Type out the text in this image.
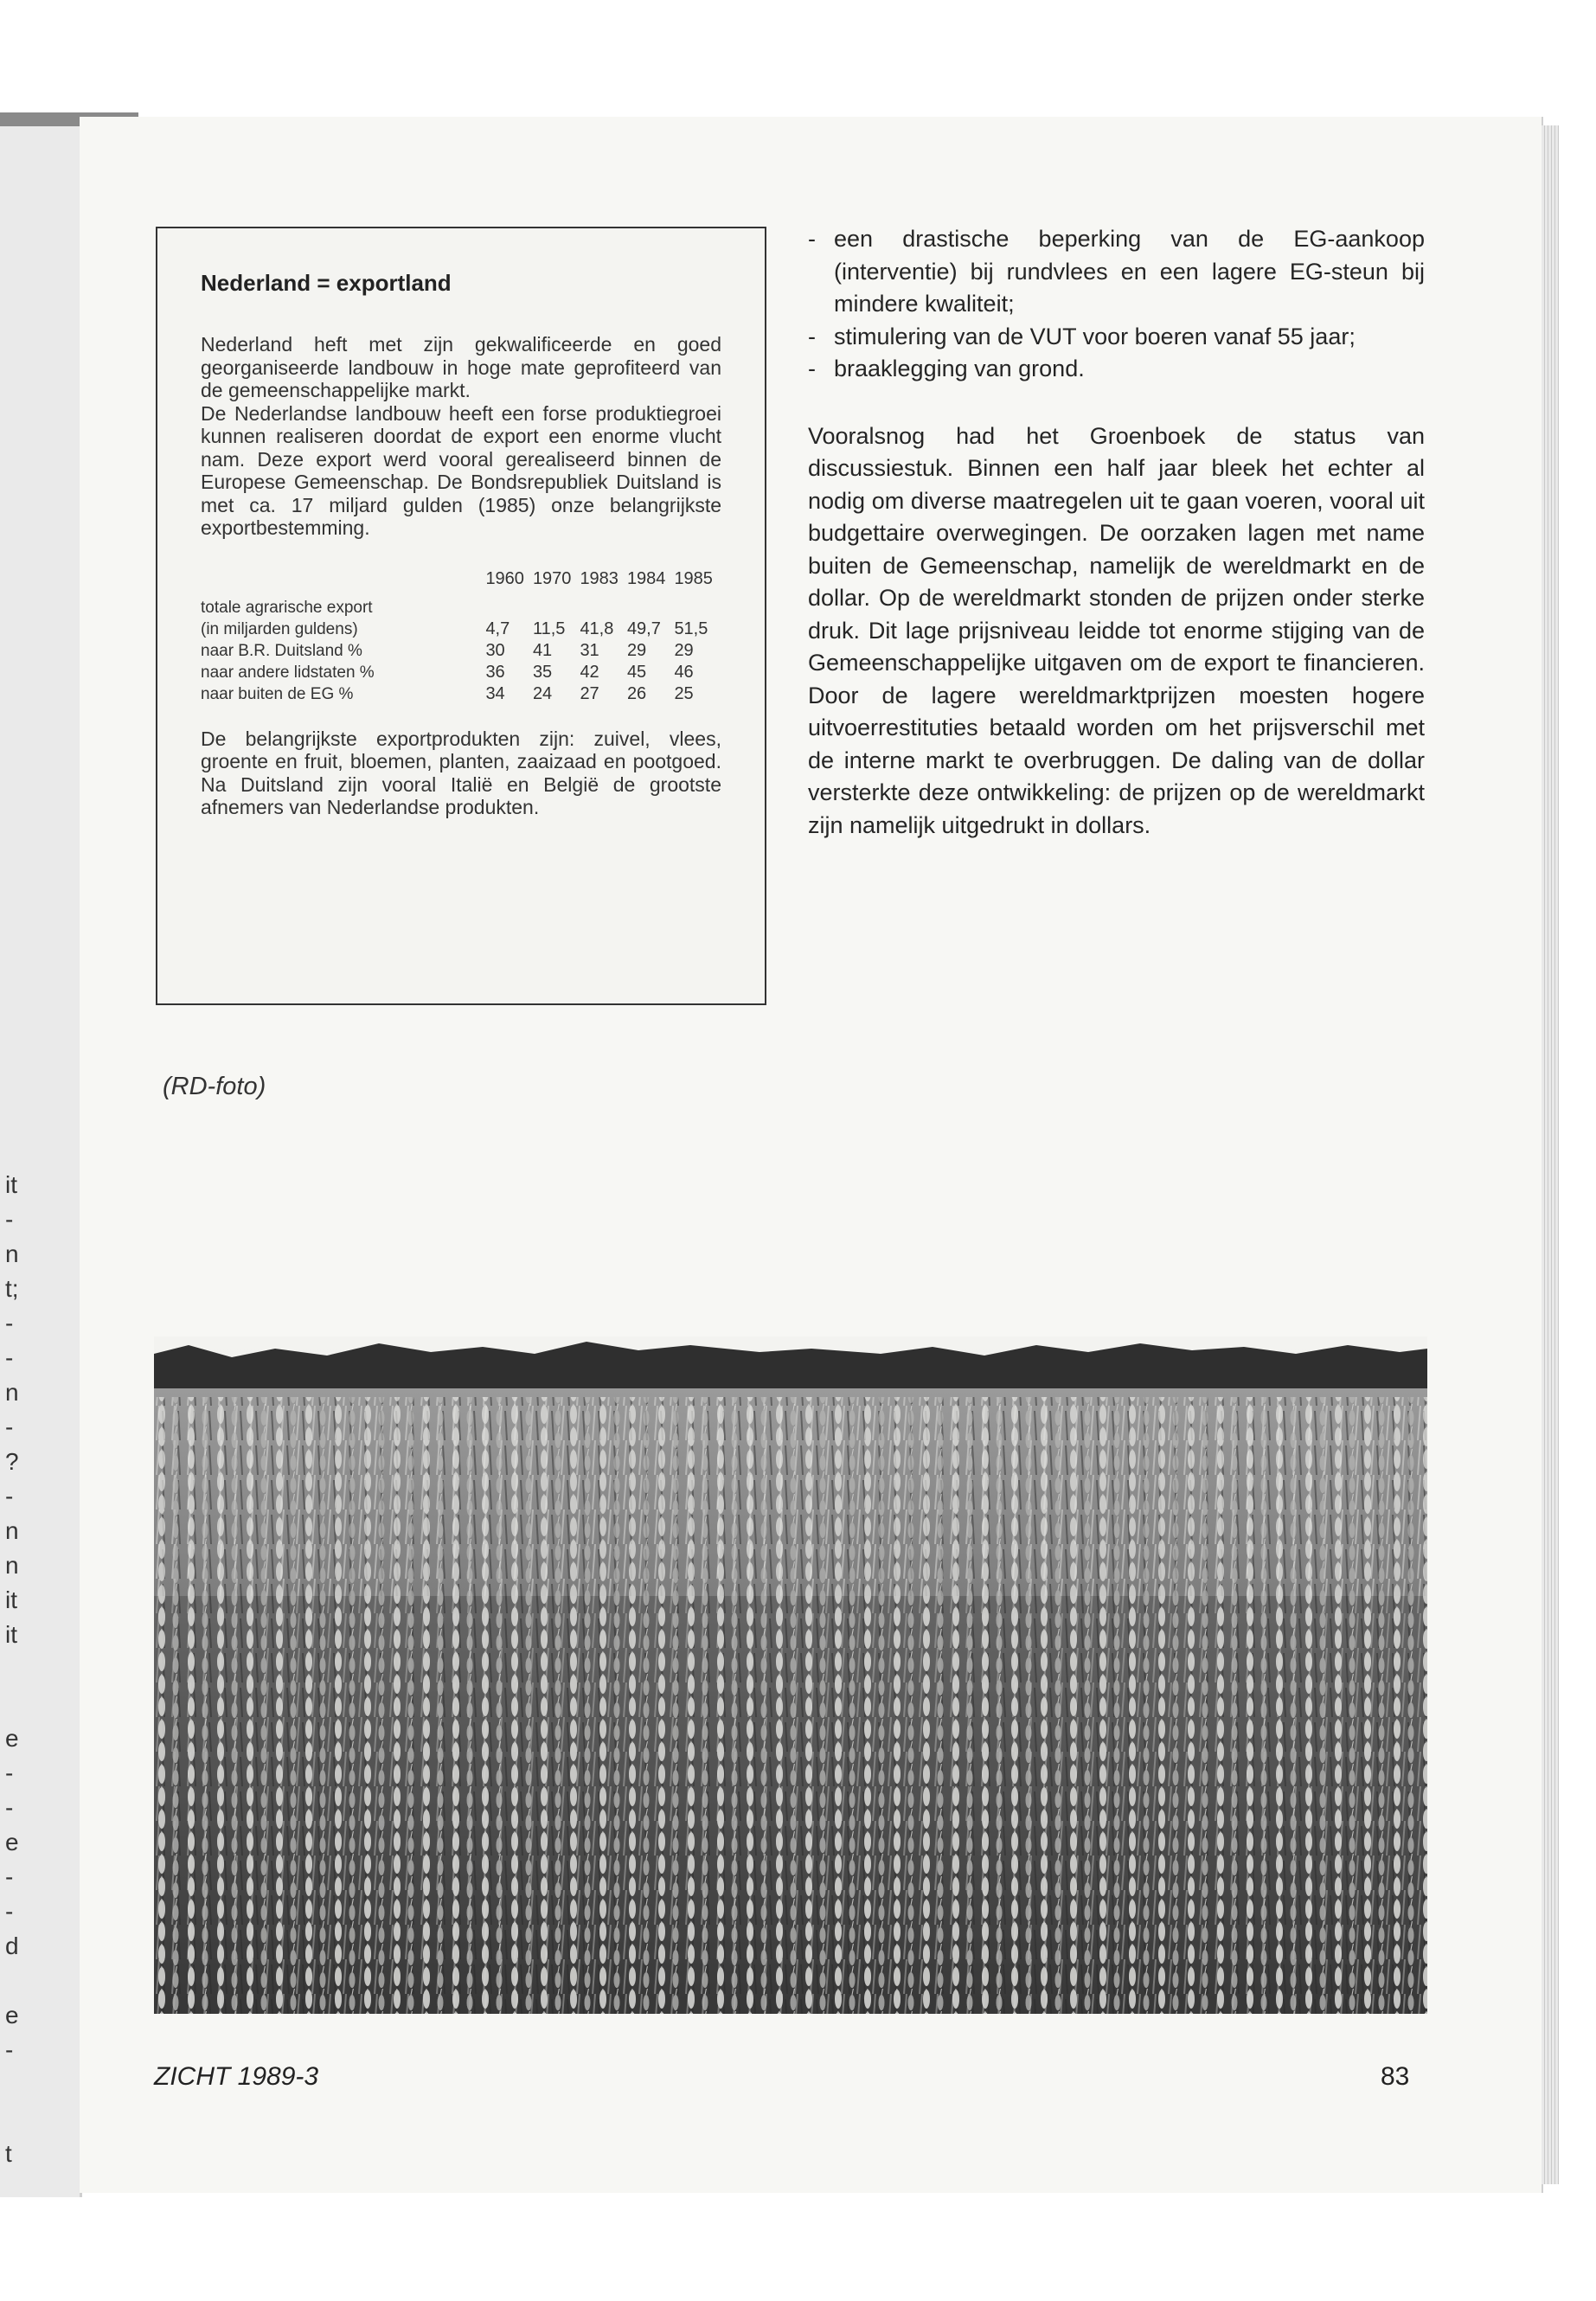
it
-
n
t;
-
-
n
-
?
-
n
n
it
it
e
-
-
e
-
-
d
e
-
t
Nederland = exportland

Nederland heft met zijn gekwalificeerde en goed georganiseerde landbouw in hoge mate geprofiteerd van de gemeenschappelijke markt.

De Nederlandse landbouw heeft een forse produktiegroei kunnen realiseren doordat de export een enorme vlucht nam. Deze export werd vooral gerealiseerd binnen de Europese Gemeenschap. De Bondsrepubliek Duitsland is met ca. 17 miljard gulden (1985) onze belangrijkste exportbestemming.

	1960	1970	1983	1984	1985
totale agrarische export					
(in miljarden guldens)	4,7	11,5	41,8	49,7	51,5
naar B.R. Duitsland %	30	41	31	29	29
naar andere lidstaten %	36	35	42	45	46
naar buiten de EG %	34	24	27	26	25

De belangrijkste exportprodukten zijn: zuivel, vlees, groente en fruit, bloemen, planten, zaaizaad en pootgoed. Na Duitsland zijn vooral Italië en België de grootste afnemers van Nederlandse produkten.

- een drastische beperking van de EG-aankoop (interventie) bij rundvlees en een lagere EG-steun bij mindere kwaliteit;
- stimulering van de VUT voor boeren vanaf 55 jaar;
- braaklegging van grond.

Vooralsnog had het Groenboek de status van discussiestuk. Binnen een half jaar bleek het echter al nodig om diverse maatregelen uit te gaan voeren, vooral uit budgettaire overwegingen. De oorzaken lagen met name buiten de Gemeenschap, namelijk de wereldmarkt en de dollar. Op de wereldmarkt stonden de prijzen onder sterke druk. Dit lage prijsniveau leidde tot enorme stijging van de Gemeenschappelijke uitgaven om de export te financieren. Door de lagere wereldmarktprijzen moesten hogere uitvoerrestituties betaald worden om het prijsverschil met de interne markt te overbruggen. De daling van de dollar versterkte deze ontwikkeling: de prijzen op de wereldmarkt zijn namelijk uitgedrukt in dollars.

(RD-foto)
ZICHT 1989-3	83
